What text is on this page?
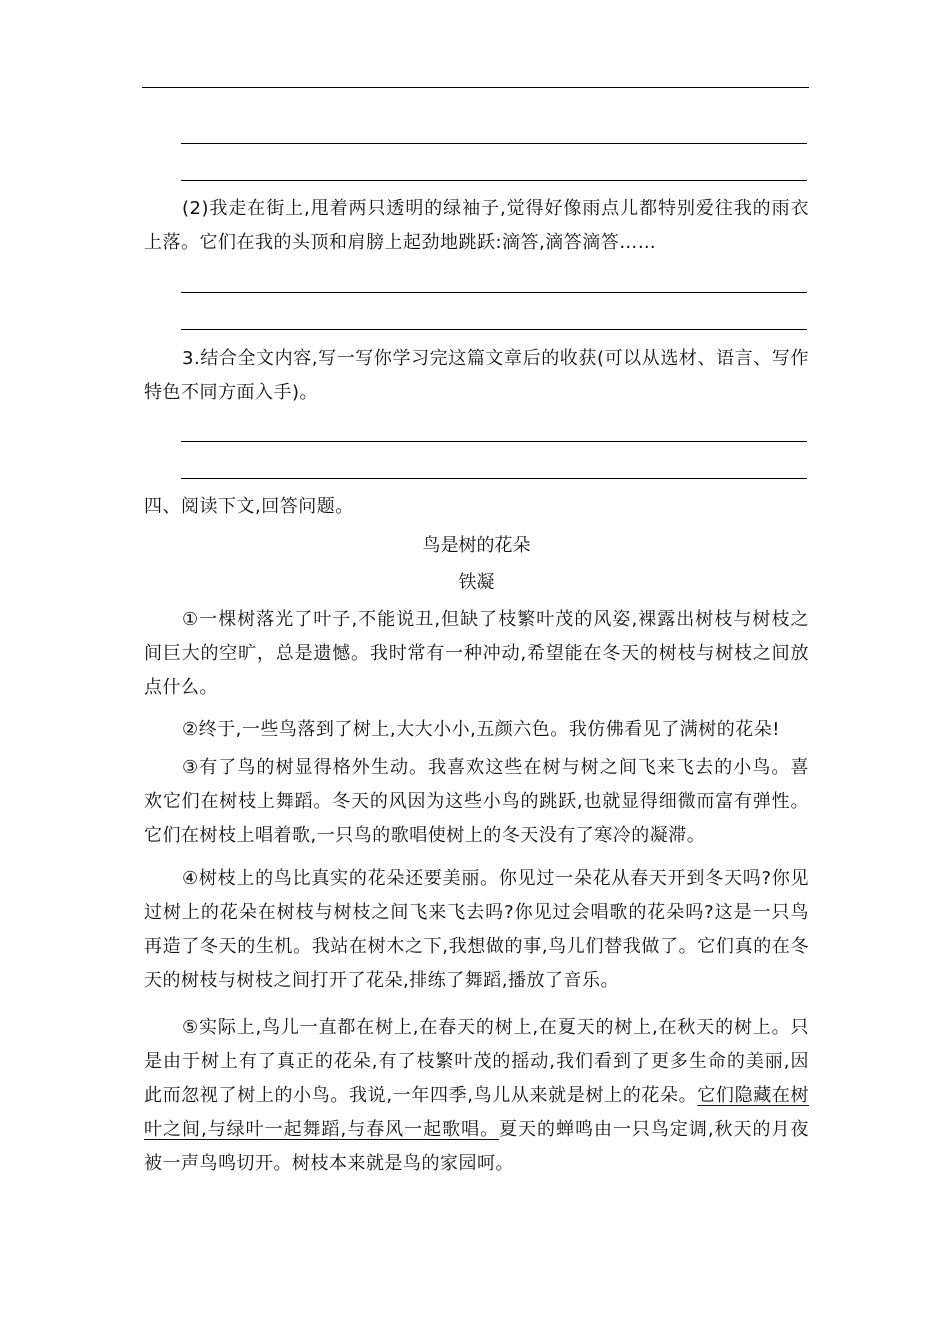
(2)我走在街上,甩着两只透明的绿袖子,觉得好像雨点儿都特别爱往我的雨衣上落。它们在我的头顶和肩膀上起劲地跳跃:滴答,滴答滴答……

3.结合全文内容,写一写你学习完这篇文章后的收获(可以从选材、语言、写作特色不同方面入手)。

四、阅读下文,回答问题。

鸟是树的花朵

铁凝

①一棵树落光了叶子,不能说丑,但缺了枝繁叶茂的风姿,裸露出树枝与树枝之间巨大的空旷，总是遗憾。我时常有一种冲动,希望能在冬天的树枝与树枝之间放点什么。

②终于,一些鸟落到了树上,大大小小,五颜六色。我仿佛看见了满树的花朵!

③有了鸟的树显得格外生动。我喜欢这些在树与树之间飞来飞去的小鸟。喜欢它们在树枝上舞蹈。冬天的风因为这些小鸟的跳跃,也就显得细微而富有弹性。它们在树枝上唱着歌,一只鸟的歌唱使树上的冬天没有了寒冷的凝滞。

④树枝上的鸟比真实的花朵还要美丽。你见过一朵花从春天开到冬天吗?你见过树上的花朵在树枝与树枝之间飞来飞去吗?你见过会唱歌的花朵吗?这是一只鸟再造了冬天的生机。我站在树木之下,我想做的事,鸟儿们替我做了。它们真的在冬天的树枝与树枝之间打开了花朵,排练了舞蹈,播放了音乐。

⑤实际上,鸟儿一直都在树上,在春天的树上,在夏天的树上,在秋天的树上。只是由于树上有了真正的花朵,有了枝繁叶茂的摇动,我们看到了更多生命的美丽,因此而忽视了树上的小鸟。我说,一年四季,鸟儿从来就是树上的花朵。它们隐藏在树叶之间,与绿叶一起舞蹈,与春风一起歌唱。夏天的蝉鸣由一只鸟定调,秋天的月夜被一声鸟鸣切开。树枝本来就是鸟的家园呵。
